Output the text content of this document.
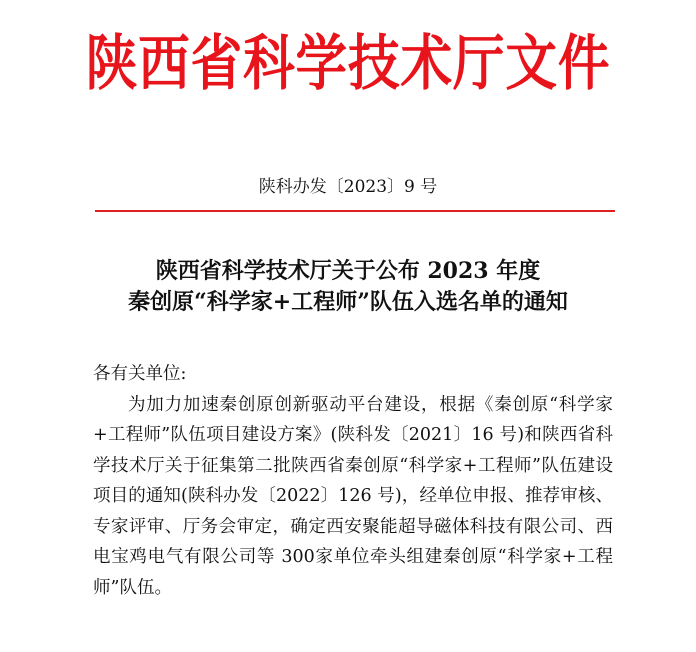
陕西省科学技术厅文件
陕科办发〔2023〕9 号
陕西省科学技术厅关于公布 2023 年度
秦创原“科学家+工程师”队伍入选名单的通知
各有关单位:
为加力加速秦创原创新驱动平台建设，根据《秦创原“科学家+工程师”队伍项目建设方案》(陕科发〔2021〕16 号)和陕西省科学技术厅关于征集第二批陕西省秦创原“科学家+工程师”队伍建设项目的通知(陕科办发〔2022〕126 号)，经单位申报、推荐审核、专家评审、厅务会审定，确定西安聚能超导磁体科技有限公司、西电宝鸡电气有限公司等 300家单位牵头组建秦创原“科学家+工程师”队伍。
